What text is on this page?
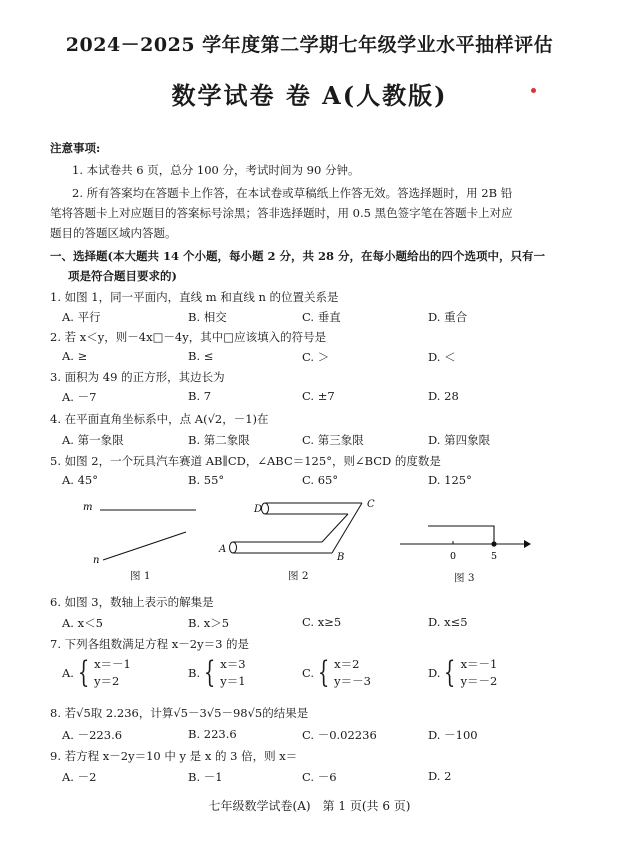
2024－2025 学年度第二学期七年级学业水平抽样评估
数学试卷 卷 A(人教版)
注意事项:
1. 本试卷共 6 页，总分 100 分，考试时间为 90 分钟。
2. 所有答案均在答题卡上作答，在本试卷或草稿纸上作答无效。答选择题时，用 2B 铅
笔将答题卡上对应题目的答案标号涂黑；答非选择题时，用 0.5 黑色签字笔在答题卡上对应
题目的答题区域内答题。
一、选择题(本大题共 14 个小题，每小题 2 分，共 28 分，在每小题给出的四个选项中，只有一
项是符合题目要求的)
1. 如图 1，同一平面内，直线 m 和直线 n 的位置关系是
A. 平行	B. 相交	C. 垂直	D. 重合
2. 若 x＜y，则－4x□－4y，其中□应该填入的符号是
A. ≥	B. ≤	C. ＞	D. ＜
3. 面积为 49 的正方形，其边长为
A. －7	B. 7	C. ±7	D. 28
4. 在平面直角坐标系中，点 A(√2，－1)在
A. 第一象限	B. 第二象限	C. 第三象限	D. 第四象限
5. 如图 2，一个玩具汽车赛道 AB∥CD，∠ABC＝125°，则∠BCD 的度数是
A. 45°	B. 55°	C. 65°	D. 125°
m
n
D	C
A
B	0	5
图 1	图 2	图 3
6. 如图 3，数轴上表示的解集是
A. x＜5	B. x＞5	C. x≥5	D. x≤5
7. 下列各组数满足方程 x－2y＝3 的是
A. { x＝－1
y＝2
B. { x＝3
y＝1
C. { x＝2
y＝－3
D. { x＝－1
y＝－2
8. 若√5取 2.236，计算√5－3√5－98√5的结果是
A. －223.6	B. 223.6	C. －0.02236	D. －100
9. 若方程 x－2y＝10 中 y 是 x 的 3 倍，则 x＝
A. －2	B. －1	C. －6	D. 2
七年级数学试卷(A)　第 1 页(共 6 页)
